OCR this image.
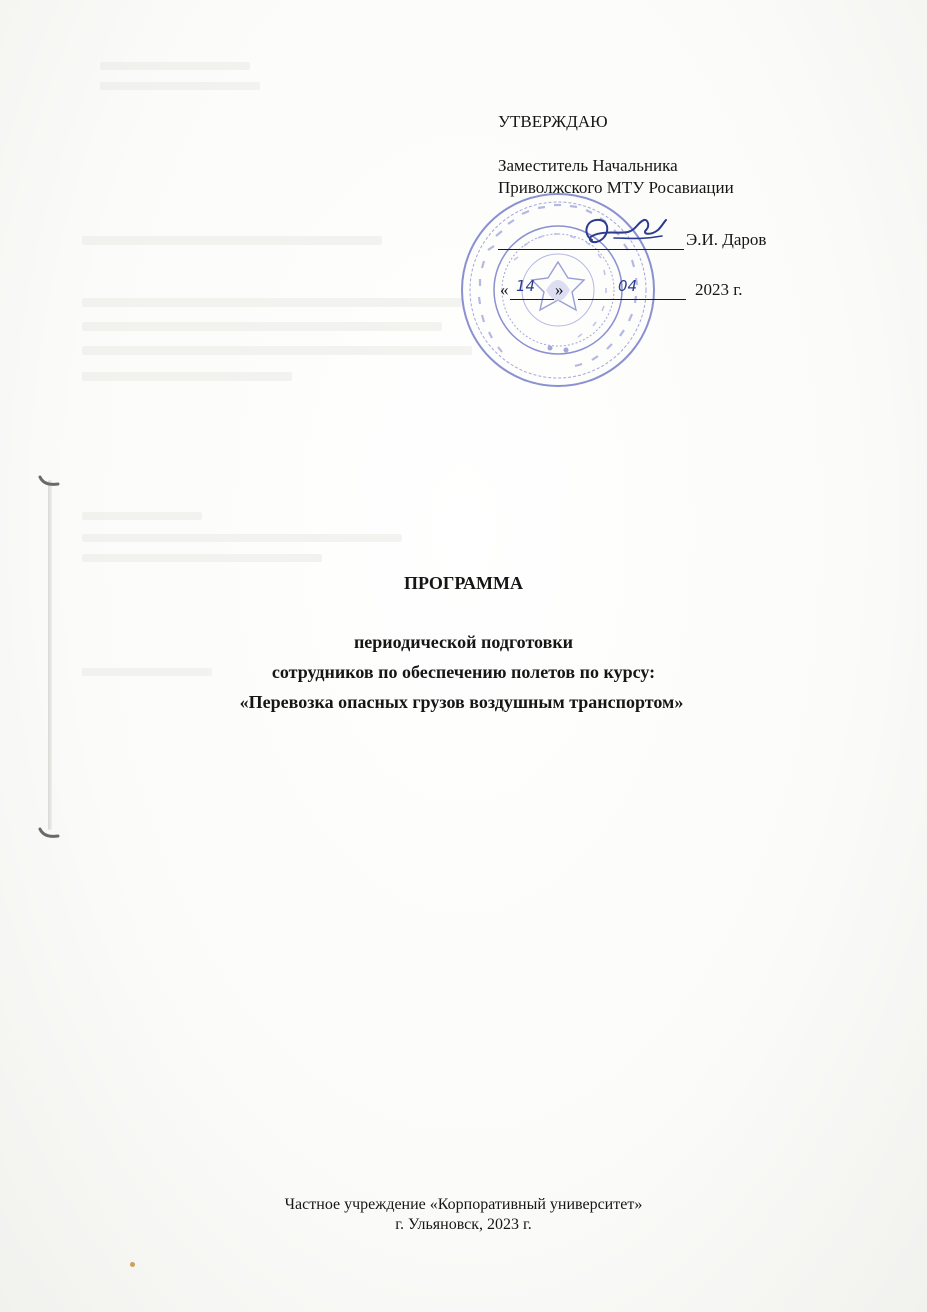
УТВЕРЖДАЮ
Заместитель Начальника
Приволжского МТУ Росавиации
Э.И. Даров
« 14 »	04	2023 г.
ПРОГРАММА
периодической подготовки
сотрудников по обеспечению полетов по курсу:
«Перевозка опасных грузов воздушным транспортом»
Частное учреждение «Корпоративный университет»
г. Ульяновск, 2023 г.
